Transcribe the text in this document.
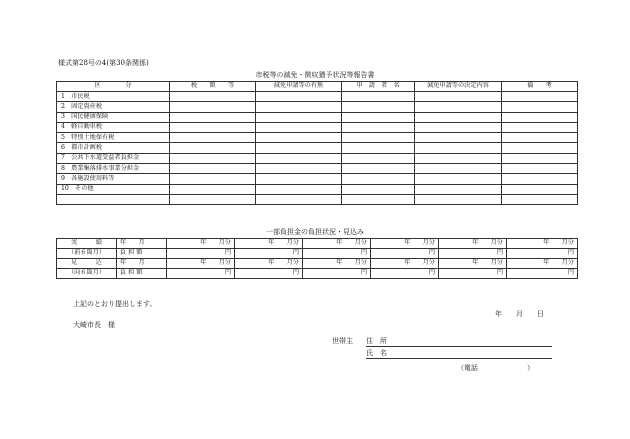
様式第28号の4(第30条関係)
市税等の減免・徴収猶予状況等報告書
区　　　　分	税　　額　　等	減免申請等の有無	申　請　者　名	減免申請等の決定内容	備　　考
1　市民税					
2　固定資産税					
3　国民健康保険					
4　軽自動車税					
5　特別土地保有税					
6　都市計画税					
7　公共下水道受益者負担金					
8　農業集落排水事業分担金					
9　各施設使用料等					
10　その他					

一部負担金の負担状況・見込み
実　　　績	年　　月	年　　月分	年　　月分	年　　月分	年　　月分	年　　月分	年　　月分
（前６箇月）	負 担 額	円	円	円	円	円	円
見　　　込	年　　月	年　　月分	年　　月分	年　　月分	年　　月分	年　　月分	年　　月分
（向６箇月）	負 担 額	円	円	円	円	円	円
上記のとおり提出します。
年　　月　　日
大崎市長　様
世帯主 住　所
氏　名
（電話　　　　　　　）
